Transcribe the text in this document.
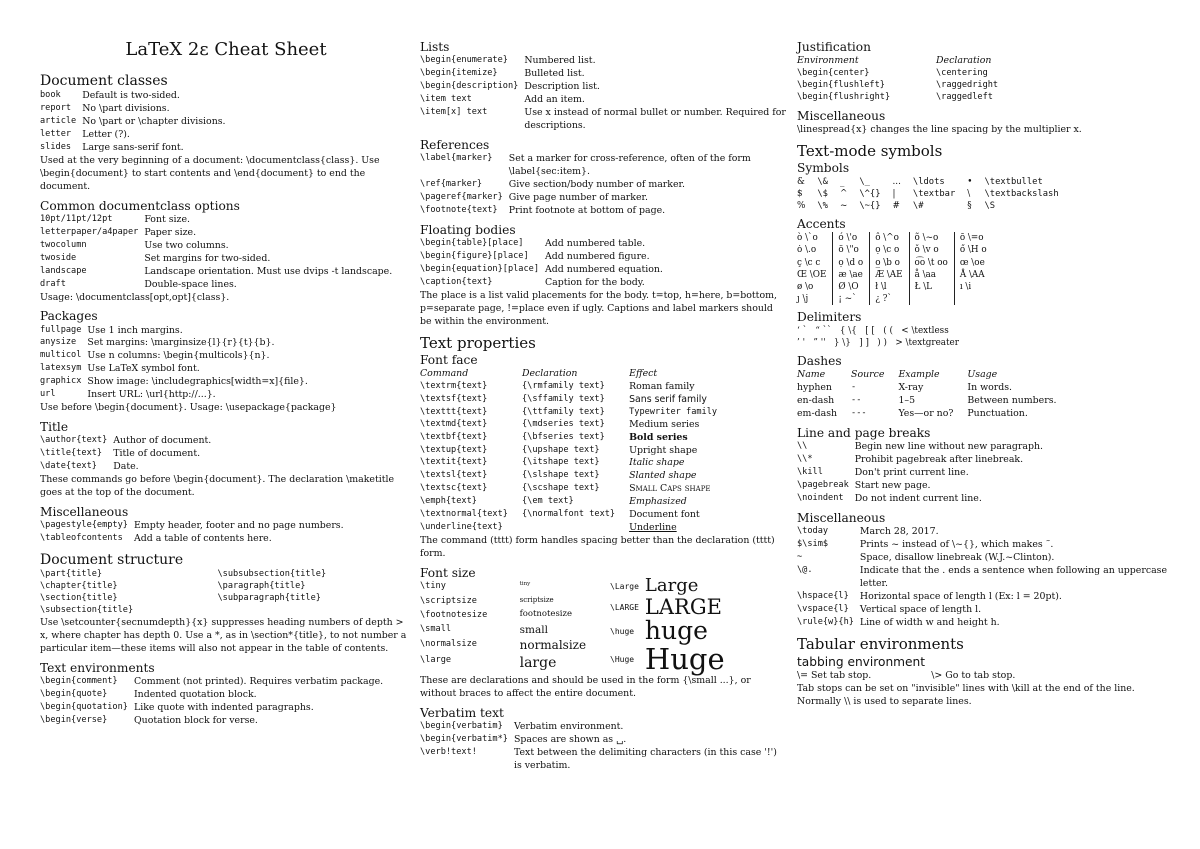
LaTeX 2ε Cheat Sheet
Document classes
book	Default is two-sided.
report	No \part divisions.
article	No \part or \chapter divisions.
letter	Letter (?).
slides	Large sans-serif font.

Used at the very beginning of a document: \documentclass{class}. Use \begin{document} to start contents and \end{document} to end the document.

Common documentclass options
10pt/11pt/12pt	Font size.
letterpaper/a4paper	Paper size.
twocolumn	Use two columns.
twoside	Set margins for two-sided.
landscape	Landscape orientation. Must use dvips -t landscape.
draft	Double-space lines.

Usage: \documentclass[opt,opt]{class}.

Packages
fullpage	Use 1 inch margins.
anysize	Set margins: \marginsize{l}{r}{t}{b}.
multicol	Use n columns: \begin{multicols}{n}.
latexsym	Use LaTeX symbol font.
graphicx	Show image: \includegraphics[width=x]{file}.
url	Insert URL: \url{http://...}.

Use before \begin{document}. Usage: \usepackage{package}

Title
\author{text}	Author of document.
\title{text}	Title of document.
\date{text}	Date.

These commands go before \begin{document}. The declaration \maketitle goes at the top of the document.

Miscellaneous
\pagestyle{empty}	Empty header, footer and no page numbers.
\tableofcontents	Add a table of contents here.
Document structure
\part{title}	\subsubsection{title}
\chapter{title}	\paragraph{title}
\section{title}	\subparagraph{title}
\subsection{title}	

Use \setcounter{secnumdepth}{x} suppresses heading numbers of depth > x, where chapter has depth 0. Use a *, as in \section*{title}, to not number a particular item—these items will also not appear in the table of contents.

Text environments
\begin{comment}	Comment (not printed). Requires verbatim package.
\begin{quote}	Indented quotation block.
\begin{quotation}	Like quote with indented paragraphs.
\begin{verse}	Quotation block for verse.
Lists
\begin{enumerate}	Numbered list.
\begin{itemize}	Bulleted list.
\begin{description}	Description list.
\item text	Add an item.
\item[x] text	Use x instead of normal bullet or number. Required for descriptions.
References
\label{marker}	Set a marker for cross-reference, often of the form \label{sec:item}.
\ref{marker}	Give section/body number of marker.
\pageref{marker}	Give page number of marker.
\footnote{text}	Print footnote at bottom of page.
Floating bodies
\begin{table}[place]	Add numbered table.
\begin{figure}[place]	Add numbered figure.
\begin{equation}[place]	Add numbered equation.
\caption{text}	Caption for the body.

The place is a list valid placements for the body. t=top, h=here, b=bottom, p=separate page, !=place even if ugly. Captions and label markers should be within the environment.

Text properties
Font face
Command	Declaration	Effect
\textrm{text}	{\rmfamily text}	Roman family
\textsf{text}	{\sffamily text}	Sans serif family
\texttt{text}	{\ttfamily text}	Typewriter family
\textmd{text}	{\mdseries text}	Medium series
\textbf{text}	{\bfseries text}	Bold series
\textup{text}	{\upshape text}	Upright shape
\textit{text}	{\itshape text}	Italic shape
\textsl{text}	{\slshape text}	Slanted shape
\textsc{text}	{\scshape text}	Small Caps shape
\emph{text}	{\em text}	Emphasized
\textnormal{text}	{\normalfont text}	Document font
\underline{text}		Underline

The command (tttt) form handles spacing better than the declaration (tttt) form.

Font size
\tiny	tiny
\scriptsize	scriptsize
\footnotesize	footnotesize
\small	small
\normalsize	normalsize
\large	large
\Large	Large
\LARGE	LARGE
\huge	huge
\Huge	Huge

These are declarations and should be used in the form {\small ...}, or without braces to affect the entire document.

Verbatim text
\begin{verbatim}	Verbatim environment.
\begin{verbatim*}	Spaces are shown as ␣.
\verb!text!	Text between the delimiting characters (in this case '!') is verbatim.
Justification
Environment	Declaration
\begin{center}	\centering
\begin{flushleft}	\raggedright
\begin{flushright}	\raggedleft
Miscellaneous

\linespread{x} changes the line spacing by the multiplier x.

Text-mode symbols
Symbols
&	\&	_	\_	...	\ldots	•	\textbullet
$	\$	^	\^{}	|	\textbar	\	\textbackslash
%	\%	~	\~{}	#	\#	§	\S
Accents
ò \`o	ó \'o	ô \^o	õ \~o	ō \=o
ȯ \.o	ö \"o	ọ \c o	ǒ \v o	ő \H o
ç \c c	ọ \d o	o̲ \b o	o͡o \t oo	œ \oe
Œ \OE	æ \ae	Æ \AE	å \aa	Å \AA
ø \o	Ø \O	ł \l	Ł \L	ı \i
ȷ \j	¡ ~`	¿ ?`		
Delimiters
‘ `   “ ``   { \{   [ [   ( (   < \textless
’ '   ” ''   } \}   ] ]   ) )   > \textgreater
Dashes
Name	Source	Example	Usage
hyphen	-	X-ray	In words.
en-dash	--	1–5	Between numbers.
em-dash	---	Yes—or no?	Punctuation.
Line and page breaks
\\	Begin new line without new paragraph.
\\*	Prohibit pagebreak after linebreak.
\kill	Don't print current line.
\pagebreak	Start new page.
\noindent	Do not indent current line.
Miscellaneous
\today	March 28, 2017.
$\sim$	Prints ~ instead of \~{}, which makes ˜.
~	Space, disallow linebreak (W.J.~Clinton).
\@.	Indicate that the . ends a sentence when following an uppercase letter.
\hspace{l}	Horizontal space of length l (Ex: l = 20pt).
\vspace{l}	Vertical space of length l.
\rule{w}{h}	Line of width w and height h.
Tabular environments
tabbing environment
\= Set tab stop.	\> Go to tab stop.

Tab stops can be set on "invisible" lines with \kill at the end of the line. Normally \\ is used to separate lines.
